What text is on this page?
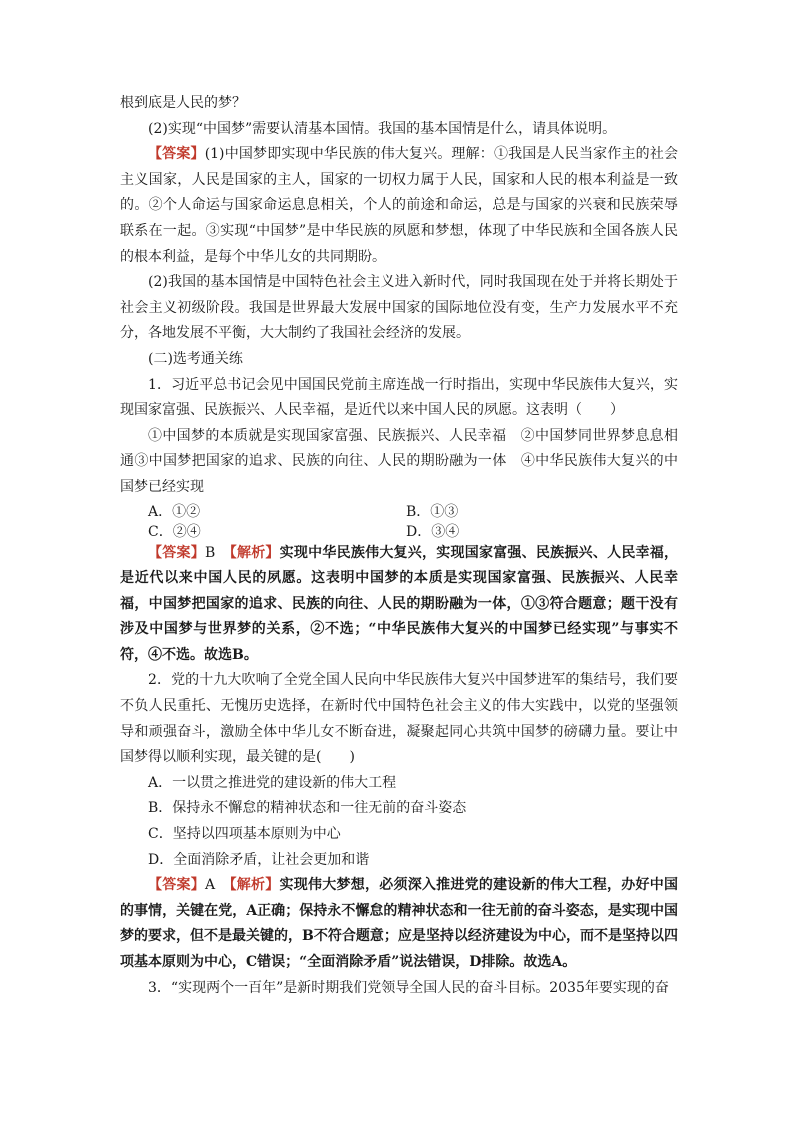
根到底是人民的梦？

(2)实现“中国梦”需要认清基本国情。我国的基本国情是什么，请具体说明。

【答案】(1)中国梦即实现中华民族的伟大复兴。理解：①我国是人民当家作主的社会主义国家，人民是国家的主人，国家的一切权力属于人民，国家和人民的根本利益是一致的。②个人命运与国家命运息息相关，个人的前途和命运，总是与国家的兴衰和民族荣辱联系在一起。③实现“中国梦”是中华民族的夙愿和梦想，体现了中华民族和全国各族人民的根本利益，是每个中华儿女的共同期盼。

(2)我国的基本国情是中国特色社会主义进入新时代，同时我国现在处于并将长期处于社会主义初级阶段。我国是世界最大发展中国家的国际地位没有变，生产力发展水平不充分，各地发展不平衡，大大制约了我国社会经济的发展。

(二)选考通关练

1．习近平总书记会见中国国民党前主席连战一行时指出，实现中华民族伟大复兴，实现国家富强、民族振兴、人民幸福，是近代以来中国人民的夙愿。这表明（　　）

①中国梦的本质就是实现国家富强、民族振兴、人民幸福　②中国梦同世界梦息息相通③中国梦把国家的追求、民族的向往、人民的期盼融为一体　④中华民族伟大复兴的中国梦已经实现

A．①②	B．①③
C．②④	D．③④

【答案】B　【解析】实现中华民族伟大复兴，实现国家富强、民族振兴、人民幸福，是近代以来中国人民的夙愿。这表明中国梦的本质是实现国家富强、民族振兴、人民幸福，中国梦把国家的追求、民族的向往、人民的期盼融为一体，①③符合题意；题干没有涉及中国梦与世界梦的关系，②不选；“中华民族伟大复兴的中国梦已经实现”与事实不符，④不选。故选B。

2．党的十九大吹响了全党全国人民向中华民族伟大复兴中国梦进军的集结号，我们要不负人民重托、无愧历史选择，在新时代中国特色社会主义的伟大实践中，以党的坚强领导和顽强奋斗，激励全体中华儿女不断奋进，凝聚起同心共筑中国梦的磅礴力量。要让中国梦得以顺利实现，最关键的是(　　)

A．一以贯之推进党的建设新的伟大工程

B．保持永不懈怠的精神状态和一往无前的奋斗姿态

C．坚持以四项基本原则为中心

D．全面消除矛盾，让社会更加和谐

【答案】A　【解析】实现伟大梦想，必须深入推进党的建设新的伟大工程，办好中国的事情，关键在党，A正确；保持永不懈怠的精神状态和一往无前的奋斗姿态，是实现中国梦的要求，但不是最关键的，B不符合题意；应是坚持以经济建设为中心，而不是坚持以四项基本原则为中心，C错误；“全面消除矛盾”说法错误，D排除。故选A。

3．“实现两个一百年”是新时期我们党领导全国人民的奋斗目标。2035年要实现的奋
